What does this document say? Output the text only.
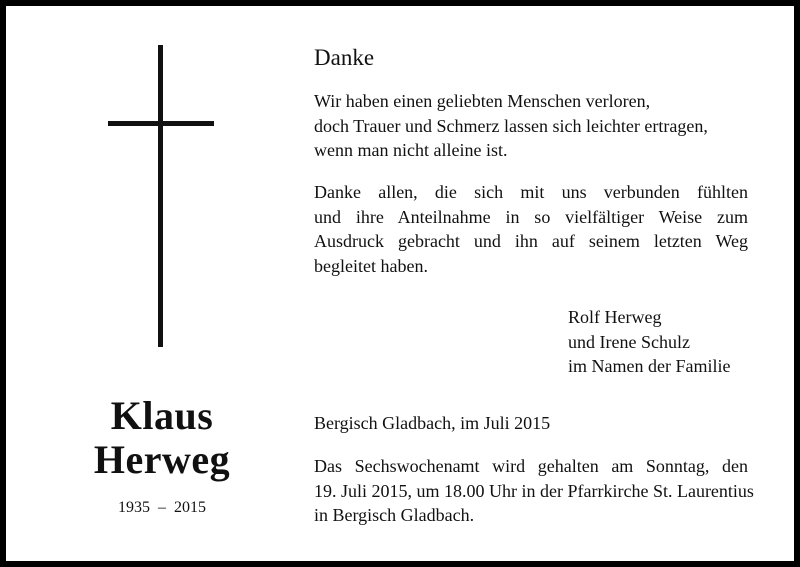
Klaus
Herweg
1935 – 2015
Danke
Wir haben einen geliebten Menschen verloren,
doch Trauer und Schmerz lassen sich leichter ertragen,
wenn man nicht alleine ist.
Danke allen, die sich mit uns verbunden fühlten
und ihre Anteilnahme in so vielfältiger Weise zum
Ausdruck gebracht und ihn auf seinem letzten Weg
begleitet haben.
Rolf Herweg
und Irene Schulz
im Namen der Familie
Bergisch Gladbach, im Juli 2015
Das Sechswochenamt wird gehalten am Sonntag, den
19. Juli 2015, um 18.00 Uhr in der Pfarrkirche St. Laurentius
in Bergisch Gladbach.
